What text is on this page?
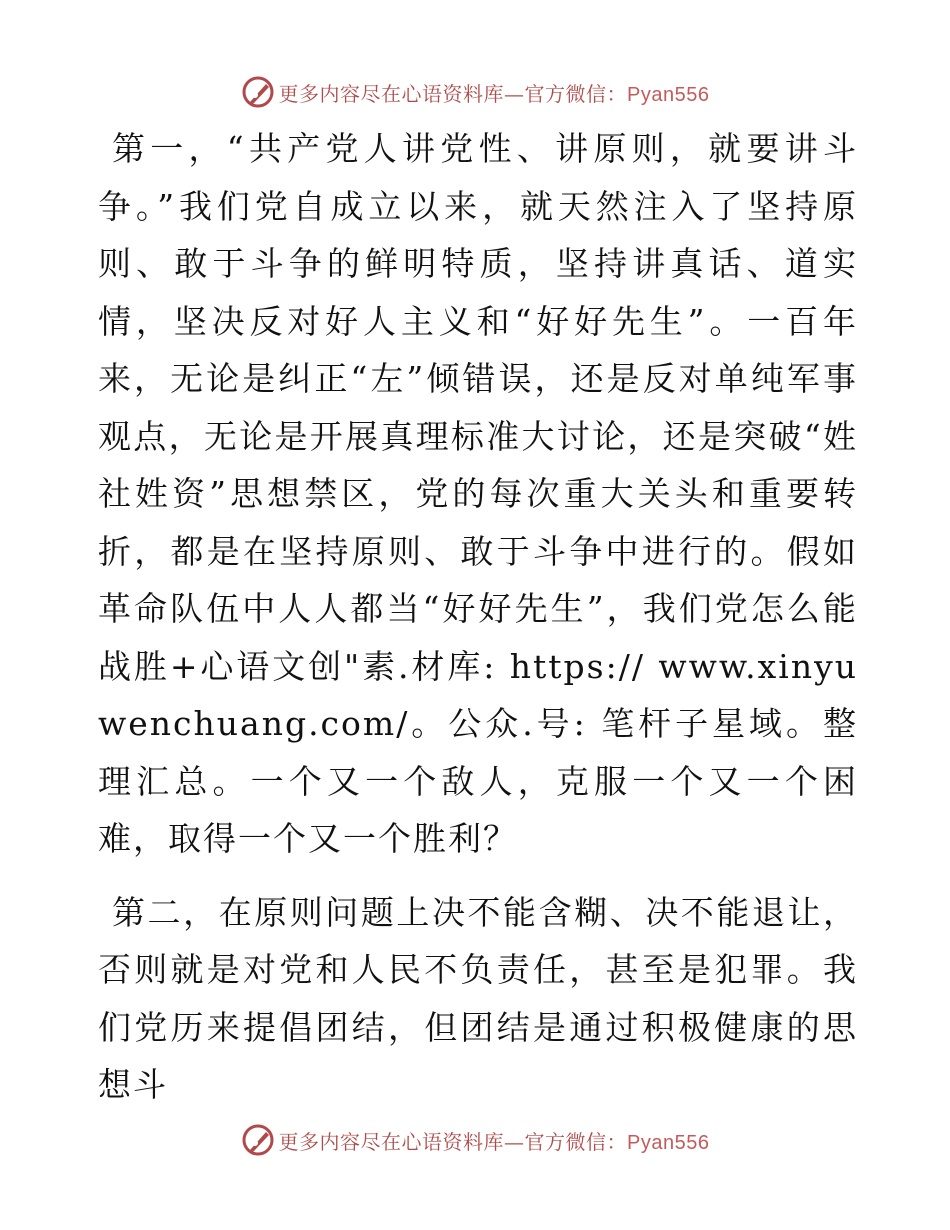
更多内容尽在心语资料库—官方微信：Pyan556

第一，“共产党人讲党性、讲原则，就要讲斗争。”我们党自成立以来，就天然注入了坚持原则、敢于斗争的鲜明特质，坚持讲真话、道实情，坚决反对好人主义和“好好先生”。一百年来，无论是纠正“左”倾错误，还是反对单纯军事观点，无论是开展真理标准大讨论，还是突破“姓社姓资”思想禁区，党的每次重大关头和重要转折，都是在坚持原则、敢于斗争中进行的。假如革命队伍中人人都当“好好先生”，我们党怎么能战胜+心语文创"素.材库: https:// www.xinyuwenchuang.com/。公众.号: 笔杆子星域。整理汇总。一个又一个敌人，克服一个又一个困难，取得一个又一个胜利？

第二，在原则问题上决不能含糊、决不能退让，否则就是对党和人民不负责任，甚至是犯罪。我们党历来提倡团结，但团结是通过积极健康的思想斗

更多内容尽在心语资料库—官方微信：Pyan556
